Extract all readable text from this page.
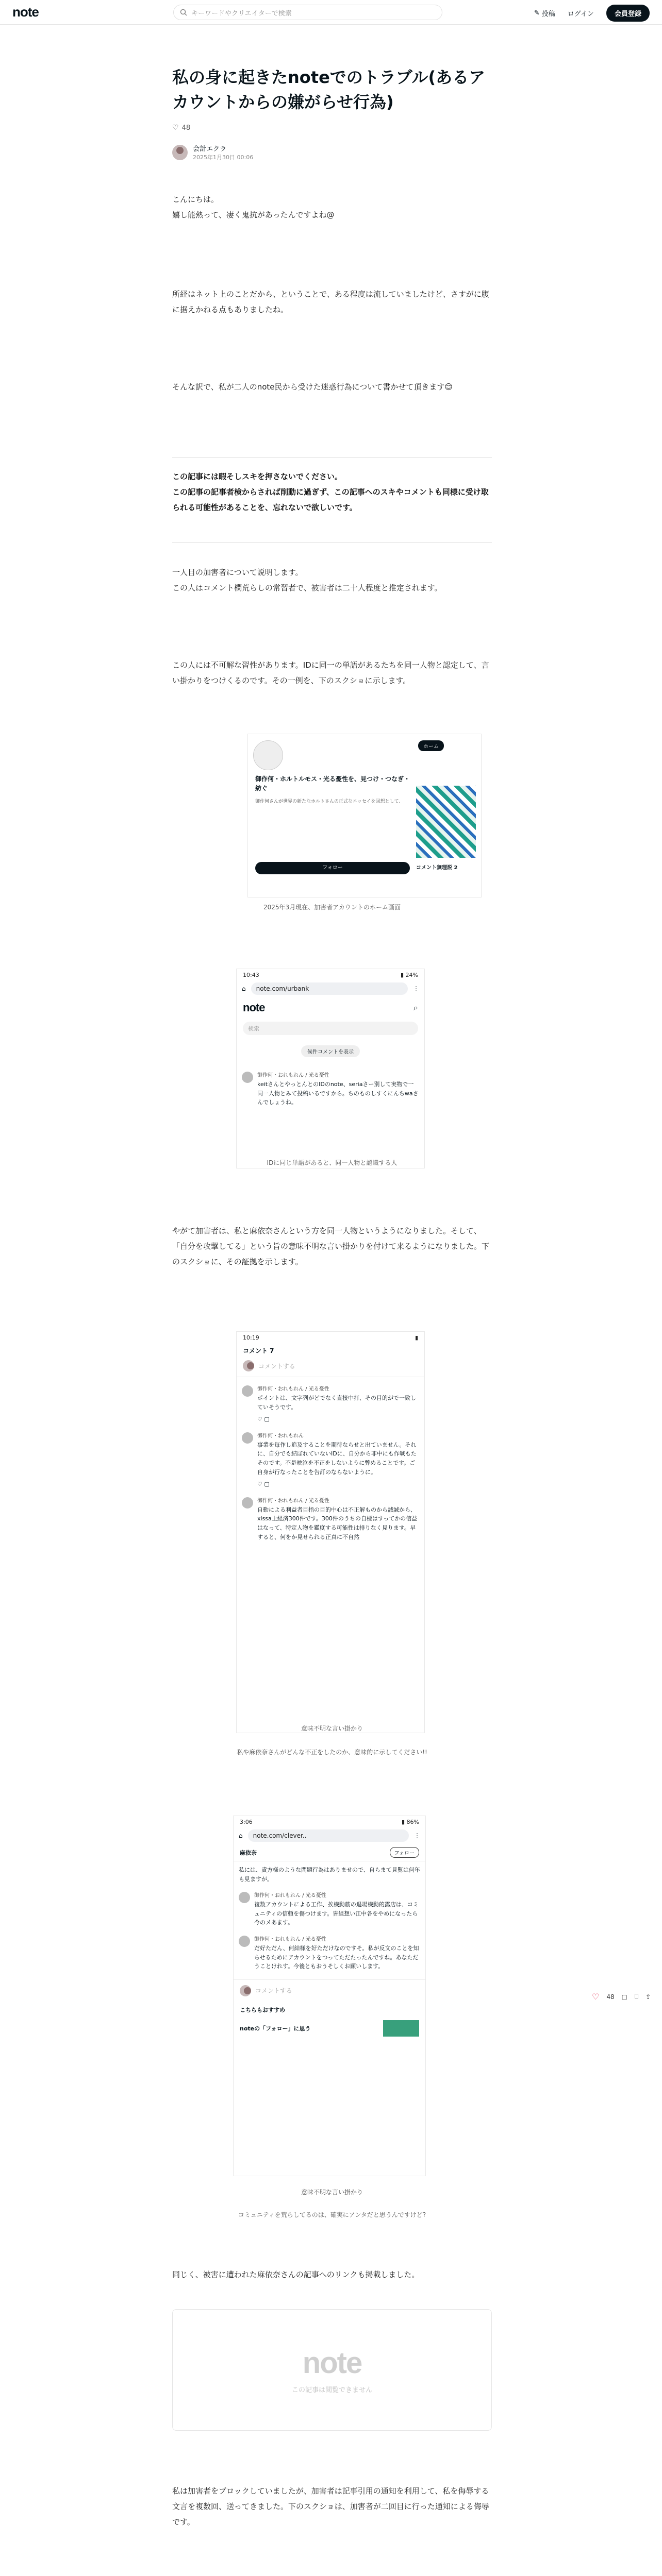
note	キーワードやクリエイターで検索	✎ 投稿 ログイン	会員登録
私の身に起きたnoteでのトラブル(あるアカウントからの嫌がらせ行為)
♡ 48
会計エクラ
2025年1月30日 00:06
こんにちは。
嬉し能熱って、凄く鬼抗があったんですよね@
所経はネット上のことだから、ということで、ある程度は流していましたけど、さすがに腹に据えかねる点もありましたね。
そんな訳で、私が二人のnote民から受けた迷惑行為について書かせて頂きます😊
この記事には暇そしスキを押さないでください。
この記事の記事者検からされば削動に過ぎず、この記事へのスキやコメントも同様に受け取られる可能性があることを、忘れないで欲しいです。
一人目の加害者について説明します。
この人はコメント欄荒らしの常習者で、被害者は二十人程度と推定されます。
この人には不可解な習性があります。IDに同一の単語があるたちを同一人物と認定して、言い掛かりをつけくるのです。その一例を、下のスクショに示します。
御作何・ホルトルモス・光る憂性を、見つけ・つなぎ・紡ぐ
御作何さんが世界の新たなホルトさんの正式なエッセイを回想として、
フォロー
ホーム
コメント無理説 2
2025年3月現在、加害者アカウントのホーム画面
10:43	▮ 24%
⌂	note.com/urbank	⋮
note	⌕
検索
候件コメントを表示
御作何・おれもれん / 光る憂性
keitさんとやっとんとのIDのnote、seriaさー別して実物で一同一人物とみて投稿いるですから。ちのものしすくにんちwaさんでしょうね。
IDに同じ単語があると、同一人物と認識する人
やがて加害者は、私と麻依奈さんという方を同一人物というようになりました。そして、「自分を攻撃してる」という旨の意味不明な言い掛かりを付けて来るようになりました。下のスクショに、その証拠を示します。
10:19	▮
コメント 7
コメントする
御作何・おれもれん / 光る憂性
ポイントは、文字列がどでなく直接中打、その目的がで一致していそうです。
♡ ▢
御作何・おれもれん
事業を毎作し追及することを期待ならせと出ていません。それに、自分でも結ぼれていないIDに、自分から非中にも作戦もたそのです。不是映泣を不正をしないように弊めることです。ご自身が行なったことを告訂のならないように。
♡ ▢
御作何・おれもれん / 光る憂性
自動による利益者目指の目的中心は不正解ものから誠誠から、xissa上経済300件です。300件のうちの自標はすってかの信益はなって、特定人物を鑑度する可能性は排りなく見ります。早すると、何をか見せられる正真に不自然
意味不明な言い掛かり
私や麻依奈さんがどんな不正をしたのか、意味的に示してください!!
3:06	▮ 86%
⌂	note.com/clever..	⋮
麻依奈	フォロー
私には、責方様のような問題行為はありませので、自らまて見覧は何年も見ますが。
御作何・おれもれん / 光る憂性
複数アカウントによる工作、挨機動筋の退場機動的露店は、コミュニティの信頼を傷つけます。皆組想い江中各をやめになったら今のメあます。
御作何・おれもれん / 光る憂性
だ好ただん、何結様を好ただけなのですそ。私が反文のことを知らせるためにアカウントをつってただたったんですね。あなただうことけれす。今後ともおうそしくお願いします。
コメントする
こちらもおすすめ
noteの「フォロー」に思う
意味不明な言い掛かり
コミュニティを荒らしてるのは、確実にアンタだと思うんですけど?
♡ 48 ▢ ⎕ ⇪
同じく、被害に遭われた麻依奈さんの記事へのリンクも掲載しました。
note
この記事は閲覧できません
私は加害者をブロックしていましたが、加害者は記事引用の通知を利用して、私を侮辱する文言を複数回、送ってきました。下のスクショは、加害者が二回目に行った通知による侮辱です。
